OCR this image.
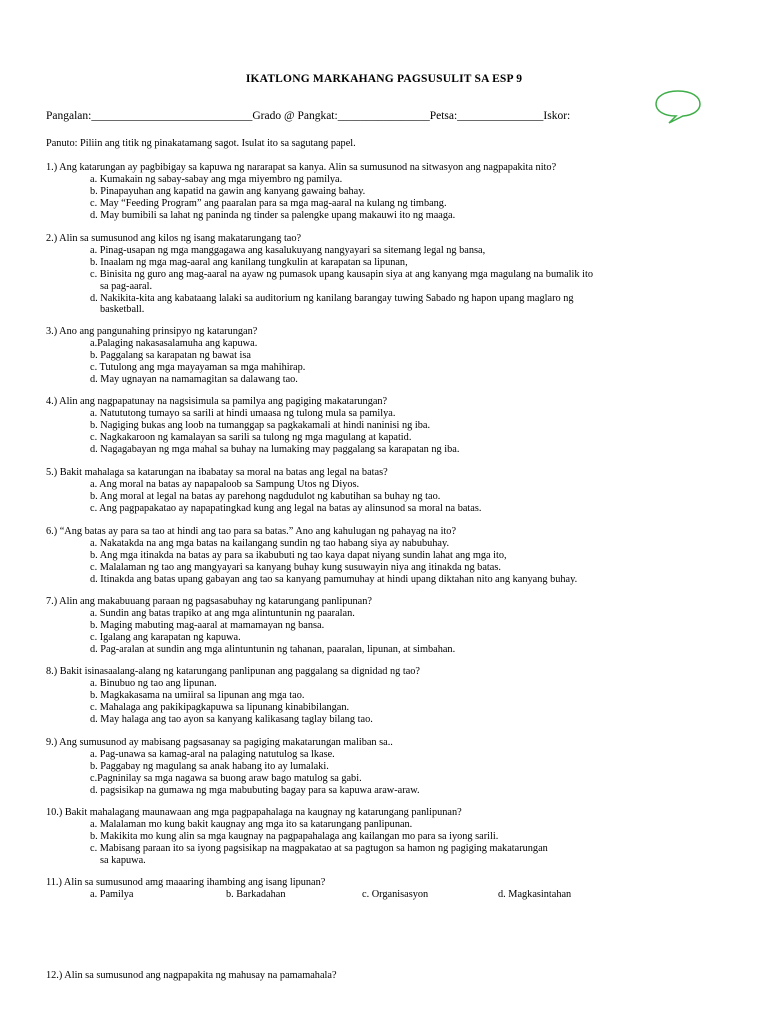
IKATLONG MARKAHANG PAGSUSULIT SA ESP 9
Pangalan:____________________________Grado @ Pangkat:________________Petsa:_______________Iskor:
Panuto: Piliin ang titik ng pinakatamang sagot. Isulat ito sa sagutang papel.
1.) Ang katarungan ay pagbibigay sa kapuwa ng nararapat sa kanya. Alin sa sumusunod na sitwasyon ang nagpapakita nito?
a. Kumakain ng sabay-sabay ang mga miyembro ng pamilya.
b. Pinapayuhan ang kapatid na gawin ang kanyang gawaing bahay.
c. May “Feeding Program” ang paaralan para sa mga mag-aaral na kulang ng timbang.
d. May bumibili sa lahat ng paninda ng tinder sa palengke upang makauwi ito ng maaga.
2.) Alin sa sumusunod ang kilos ng isang makatarungang tao?
a. Pinag-usapan ng mga manggagawa ang kasalukuyang nangyayari sa sitemang legal ng bansa,
b. Inaalam ng mga mag-aaral ang kanilang tungkulin at karapatan sa lipunan,
c. Binisita ng guro ang mag-aaral na ayaw ng pumasok upang kausapin siya at ang kanyang mga magulang na bumalik ito
sa pag-aaral.
d. Nakikita-kita ang kabataang lalaki sa auditorium ng kanilang barangay tuwing Sabado ng hapon upang maglaro ng
basketball.
3.) Ano ang pangunahing prinsipyo ng katarungan?
a.Palaging nakasasalamuha ang kapuwa.
b. Paggalang sa karapatan ng bawat isa
c. Tutulong ang mga mayayaman sa mga mahihirap.
d. May ugnayan na namamagitan sa dalawang tao.
4.) Alin ang nagpapatunay na nagsisimula sa pamilya ang pagiging makatarungan?
a. Natututong tumayo sa sarili at hindi umaasa ng tulong mula sa pamilya.
b. Nagiging bukas ang loob na tumanggap sa pagkakamali at hindi naninisi ng iba.
c. Nagkakaroon ng kamalayan sa sarili sa tulong ng mga magulang at kapatid.
d. Nagagabayan ng mga mahal sa buhay na lumaking may paggalang sa karapatan ng iba.
5.) Bakit mahalaga sa katarungan na ibabatay sa moral na batas ang legal na batas?
a. Ang moral na batas ay napapaloob sa Sampung Utos ng Diyos.
b. Ang moral at legal na batas ay parehong nagdudulot ng kabutihan sa buhay ng tao.
c. Ang pagpapakatao ay napapatingkad kung ang legal na batas ay alinsunod sa moral na batas.
6.) “Ang batas ay para sa tao at hindi ang tao para sa batas.” Ano ang kahulugan ng pahayag na ito?
a. Nakatakda na ang mga batas na kailangang sundin ng tao habang siya ay nabubuhay.
b. Ang mga itinakda na batas ay para sa ikabubuti ng tao kaya dapat niyang sundin lahat ang mga ito,
c. Malalaman ng tao ang mangyayari sa kanyang buhay kung susuwayin niya ang itinakda ng batas.
d. Itinakda ang batas upang gabayan ang tao sa kanyang pamumuhay at hindi upang diktahan nito ang kanyang buhay.
7.) Alin ang makabuuang paraan ng pagsasabuhay ng katarungang panlipunan?
a. Sundin ang batas trapiko at ang mga alintuntunin ng paaralan.
b. Maging mabuting mag-aaral at mamamayan ng bansa.
c. Igalang ang karapatan ng kapuwa.
d. Pag-aralan at sundin ang mga alintuntunin ng tahanan, paaralan, lipunan, at simbahan.
8.) Bakit isinasaalang-alang ng katarungang panlipunan ang paggalang sa dignidad ng tao?
a. Binubuo ng tao ang lipunan.
b. Magkakasama na umiiral sa lipunan ang mga tao.
c. Mahalaga ang pakikipagkapuwa sa lipunang kinabibilangan.
d. May halaga ang tao ayon sa kanyang kalikasang taglay bilang tao.
9.) Ang sumusunod ay mabisang pagsasanay sa pagiging makatarungan maliban sa..
a. Pag-unawa sa kamag-aral na palaging natutulog sa lkase.
b. Paggabay ng magulang sa anak habang ito ay lumalaki.
c.Pagninilay sa mga nagawa sa buong araw bago matulog sa gabi.
d. pagsisikap na gumawa ng mga mabubuting bagay para sa kapuwa araw-araw.
10.) Bakit mahalagang maunawaan ang mga pagpapahalaga na kaugnay ng katarungang panlipunan?
a. Malalaman mo kung bakit kaugnay ang mga ito sa katarungang panlipunan.
b. Makikita mo kung alin sa mga kaugnay na pagpapahalaga ang kailangan mo para sa iyong sarili.
c. Mabisang paraan ito sa iyong pagsisikap na magpakatao at sa pagtugon sa hamon ng pagiging makatarungan
sa kapuwa.
11.) Alin sa sumusunod amg maaaring ihambing ang isang lipunan?
a. Pamilya	b. Barkadahan	c. Organisasyon	d. Magkasintahan
12.) Alin sa sumusunod ang nagpapakita ng mahusay na pamamahala?
